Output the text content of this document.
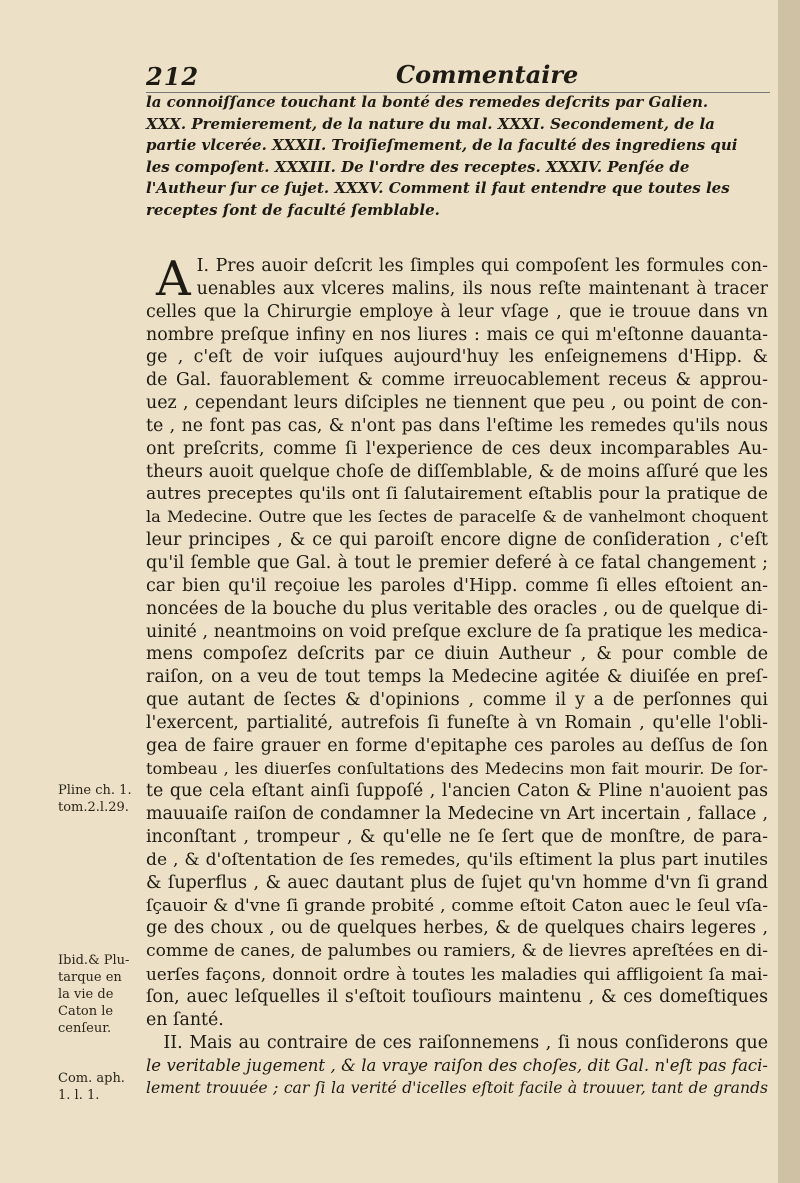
212	Commentaire
la connoiſſance touchant la bonté des remedes deſcrits par Galien.
XXX. Premierement, de la nature du mal. XXXI. Secondement, de la
partie vlcerée. XXXII. Troiſieſmement, de la faculté des ingrediens qui
les compoſent. XXXIII. De l'ordre des receptes. XXXIV. Penſée de
l'Autheur ſur ce ſujet. XXXV. Comment il faut entendre que toutes les
receptes ſont de faculté ſemblable.
I.
A Pres auoir deſcrit les ſimples qui compoſent les formules con-
uenables aux vlceres malins, ils nous reſte maintenant à tracer
celles que la Chirurgie employe à leur vſage , que ie trouue dans vn
nombre preſque infiny en nos liures : mais ce qui m'eſtonne dauanta-
ge , c'eſt de voir iuſques aujourd'huy les enſeignemens d'Hipp. &
de Gal. fauorablement & comme irreuocablement receus & approu-
uez , cependant leurs diſciples ne tiennent que peu , ou point de con-
te , ne font pas cas, & n'ont pas dans l'eſtime les remedes qu'ils nous
ont preſcrits, comme ſi l'experience de ces deux incomparables Au-
theurs auoit quelque choſe de diſſemblable, & de moins aſſuré que les
autres preceptes qu'ils ont ſi ſalutairement eſtablis pour la pratique de
la Medecine. Outre que les ſectes de paracelſe & de vanhelmont choquent
leur principes , & ce qui paroiſt encore digne de conſideration , c'eſt
qu'il ſemble que Gal. à tout le premier deferé à ce fatal changement ;
car bien qu'il reçoiue les paroles d'Hipp. comme ſi elles eſtoient an-
noncées de la bouche du plus veritable des oracles , ou de quelque di-
uinité , neantmoins on void preſque exclure de ſa pratique les medica-
mens compoſez deſcrits par ce diuin Autheur , & pour comble de
raiſon, on a veu de tout temps la Medecine agitée & diuiſée en preſ-
que autant de ſectes & d'opinions , comme il y a de perſonnes qui
l'exercent, partialité, autrefois ſi funeſte à vn Romain , qu'elle l'obli-
gea de faire grauer en forme d'epitaphe ces paroles au deſſus de ſon
tombeau , les diuerſes conſultations des Medecins mon fait mourir. De ſor-
te que cela eſtant ainſi ſuppoſé , l'ancien Caton & Pline n'auoient pas
mauuaiſe raiſon de condamner la Medecine vn Art incertain , fallace ,
inconſtant , trompeur , & qu'elle ne ſe ſert que de monſtre, de para-
de , & d'oſtentation de ſes remedes, qu'ils eſtiment la plus part inutiles
& ſuperflus , & auec dautant plus de ſujet qu'vn homme d'vn ſi grand
ſçauoir & d'vne ſi grande probité , comme eſtoit Caton auec le ſeul vſa-
ge des choux , ou de quelques herbes, & de quelques chairs legeres ,
comme de canes, de palumbes ou ramiers, & de lievres apreſtées en di-
uerſes façons, donnoit ordre à toutes les maladies qui affligoient ſa mai-
ſon, auec leſquelles il s'eſtoit touſiours maintenu , & ces domeſtiques
en ſanté.
 II. Mais au contraire de ces raiſonnemens , ſi nous conſiderons que
le veritable jugement , & la vraye raiſon des choſes, dit Gal. n'eſt pas faci-
lement trouuée ; car ſi la verité d'icelles eſtoit facile à trouuer, tant de grands
Pline ch. 1.
tom.2.l.29.
Ibid.& Plu-
tarque en
la vie de
Caton le
cenſeur.
Com. aph.
1. l. 1.
